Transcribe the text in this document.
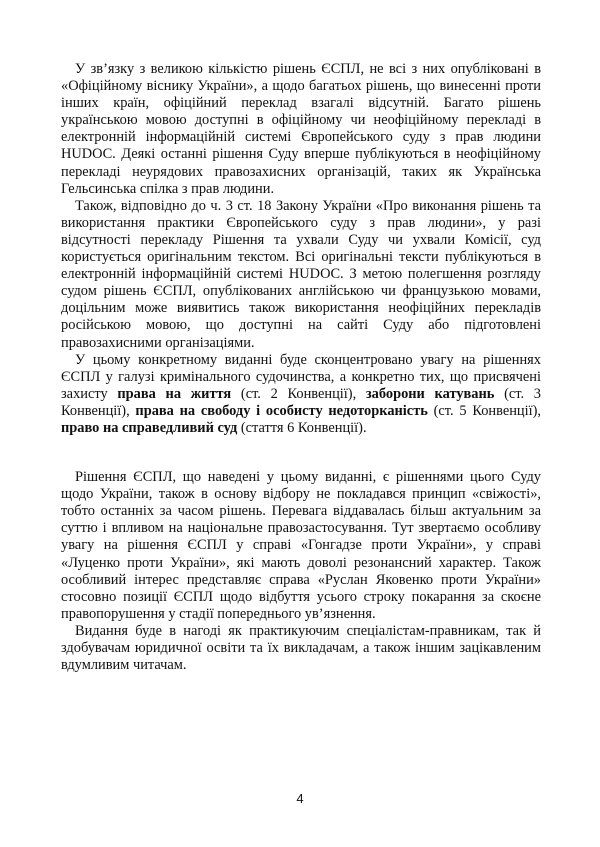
У зв’язку з великою кількістю рішень ЄСПЛ, не всі з них опубліковані в «Офіційному віснику України», а щодо багатьох рішень, що винесенні проти інших країн, офіційний переклад взагалі відсутній. Багато рішень українською мовою доступні в офіційному чи неофіційному перекладі в електронній інформаційній системі Європейського суду з прав людини HUDOC. Деякі останні рішення Суду вперше публікуються в неофіційному перекладі неурядових правозахисних організацій, таких як Українська Гельсинська спілка з прав людини.

Також, відповідно до ч. 3 ст. 18 Закону України «Про виконання рішень та використання практики Європейського суду з прав людини», у разі відсутності перекладу Рішення та ухвали Суду чи ухвали Комісії, суд користується оригінальним текстом. Всі оригінальні тексти публікуються в електронній інформаційній системі HUDOC. З метою полегшення розгляду судом рішень ЄСПЛ, опублікованих англійською чи французькою мовами, доцільним може виявитись також використання неофіційних перекладів російською мовою, що доступні на сайті Суду або підготовлені правозахисними організаціями.

У цьому конкретному виданні буде сконцентровано увагу на рішеннях ЄСПЛ у галузі кримінального судочинства, а конкретно тих, що присвячені захисту права на життя (ст. 2 Конвенції), заборони катувань (ст. 3 Конвенції), права на свободу і особисту недоторканість (ст. 5 Конвенції), право на справедливий суд (стаття 6 Конвенції).

Рішення ЄСПЛ, що наведені у цьому виданні, є рішеннями цього Суду щодо України, також в основу відбору не покладався принцип «свіжості», тобто останніх за часом рішень. Перевага віддавалась більш актуальним за суттю і впливом на національне правозастосування. Тут звертаємо особливу увагу на рішення ЄСПЛ у справі «Гонгадзе проти України», у справі «Луценко проти України», які мають доволі резонансний характер. Також особливий інтерес представляє справа «Руслан Яковенко проти України» стосовно позиції ЄСПЛ щодо відбуття усього строку покарання за скоєне правопорушення у стадії попереднього ув’язнення.

Видання буде в нагоді як практикуючим спеціалістам-правникам, так й здобувачам юридичної освіти та їх викладачам, а також іншим зацікавленим вдумливим читачам.

4
